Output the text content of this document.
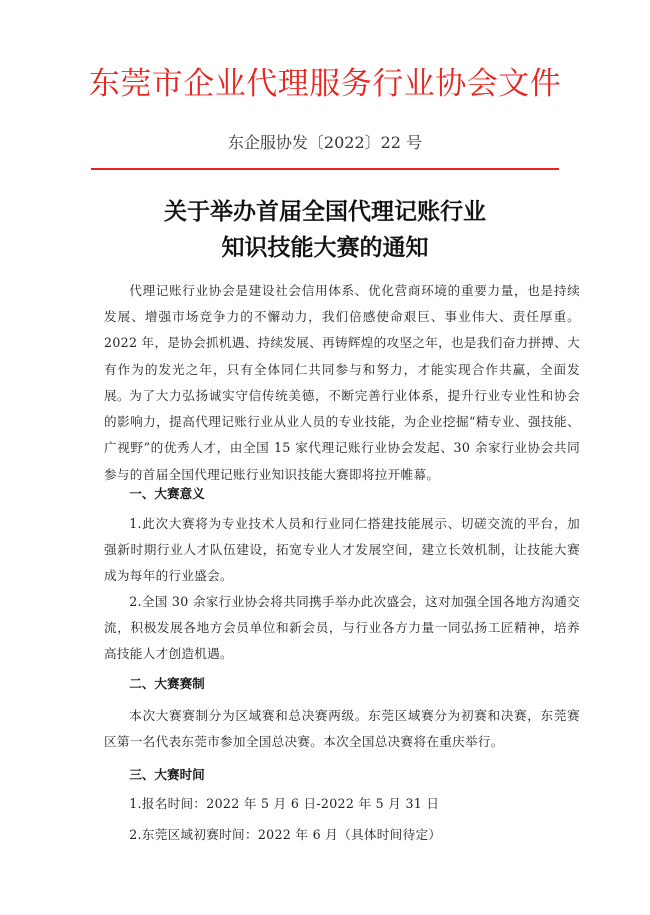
东莞市企业代理服务行业协会文件
东企服协发〔2022〕22 号
关于举办首届全国代理记账行业
知识技能大赛的通知
代理记账行业协会是建设社会信用体系、优化营商环境的重要力量，也是持续发展、增强市场竞争力的不懈动力，我们倍感使命艰巨、事业伟大、责任厚重。2022 年，是协会抓机遇、持续发展、再铸辉煌的攻坚之年，也是我们奋力拼搏、大有作为的发光之年，只有全体同仁共同参与和努力，才能实现合作共赢，全面发展。 为了大力弘扬诚实守信传统美德，不断完善行业体系，提升行业专业性和协会的影响力，提高代理记账行业从业人员的专业技能，为企业挖掘“精专业、强技能、广视野”的优秀人才，由全国 15 家代理记账行业协会发起、30 余家行业协会共同参与的首届全国代理记账行业知识技能大赛即将拉开帷幕。
一、大赛意义
1.此次大赛将为专业技术人员和行业同仁搭建技能展示、切磋交流的平台，加强新时期行业人才队伍建设，拓宽专业人才发展空间，建立长效机制，让技能大赛成为每年的行业盛会。
2.全国 30 余家行业协会将共同携手举办此次盛会，这对加强全国各地方沟通交流，积极发展各地方会员单位和新会员，与行业各方力量一同弘扬工匠精神，培养高技能人才创造机遇。
二、大赛赛制
本次大赛赛制分为区域赛和总决赛两级。东莞区域赛分为初赛和决赛，东莞赛区第一名代表东莞市参加全国总决赛。本次全国总决赛将在重庆举行。
三、大赛时间
1.报名时间：2022 年 5 月 6 日-2022 年 5 月 31 日
2.东莞区域初赛时间：2022 年 6 月（具体时间待定）
